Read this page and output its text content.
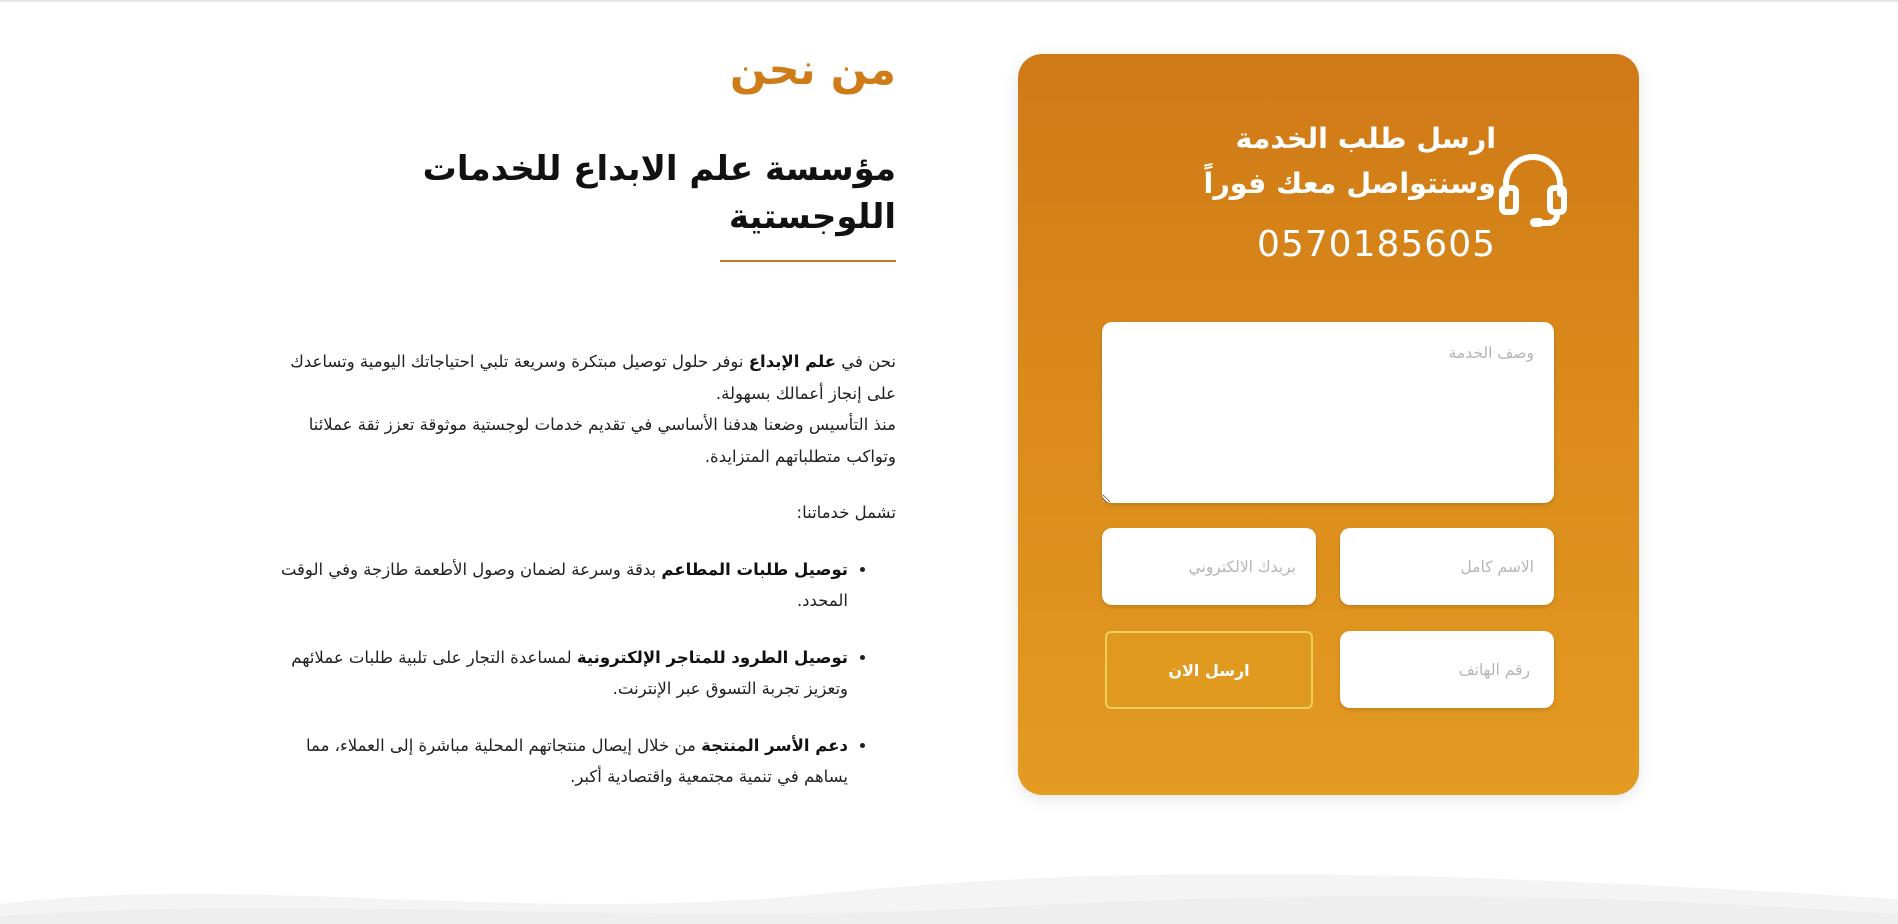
من نحن
مؤسسة علم الابداع للخدمات اللوجستية

نحن في علم الإبداع نوفر حلول توصيل مبتكرة وسريعة تلبي احتياجاتك اليومية وتساعدك على إنجاز أعمالك بسهولة.

منذ التأسيس وضعنا هدفنا الأساسي في تقديم خدمات لوجستية موثوقة تعزز ثقة عملائنا وتواكب متطلباتهم المتزايدة.

تشمل خدماتنا:

• توصيل طلبات المطاعم بدقة وسرعة لضمان وصول الأطعمة طازجة وفي الوقت المحدد.
• توصيل الطرود للمتاجر الإلكترونية لمساعدة التجار على تلبية طلبات عملائهم وتعزيز تجربة التسوق عبر الإنترنت.
• دعم الأسر المنتجة من خلال إيصال منتجاتهم المحلية مباشرة إلى العملاء، مما يساهم في تنمية مجتمعية واقتصادية أكبر.
ارسل طلب الخدمة وسنتواصل معك فوراً
0570185605
وصف الخدمة
الاسم كامل
بريدك الالكتروني
رقم الهاتف
ارسل الان
